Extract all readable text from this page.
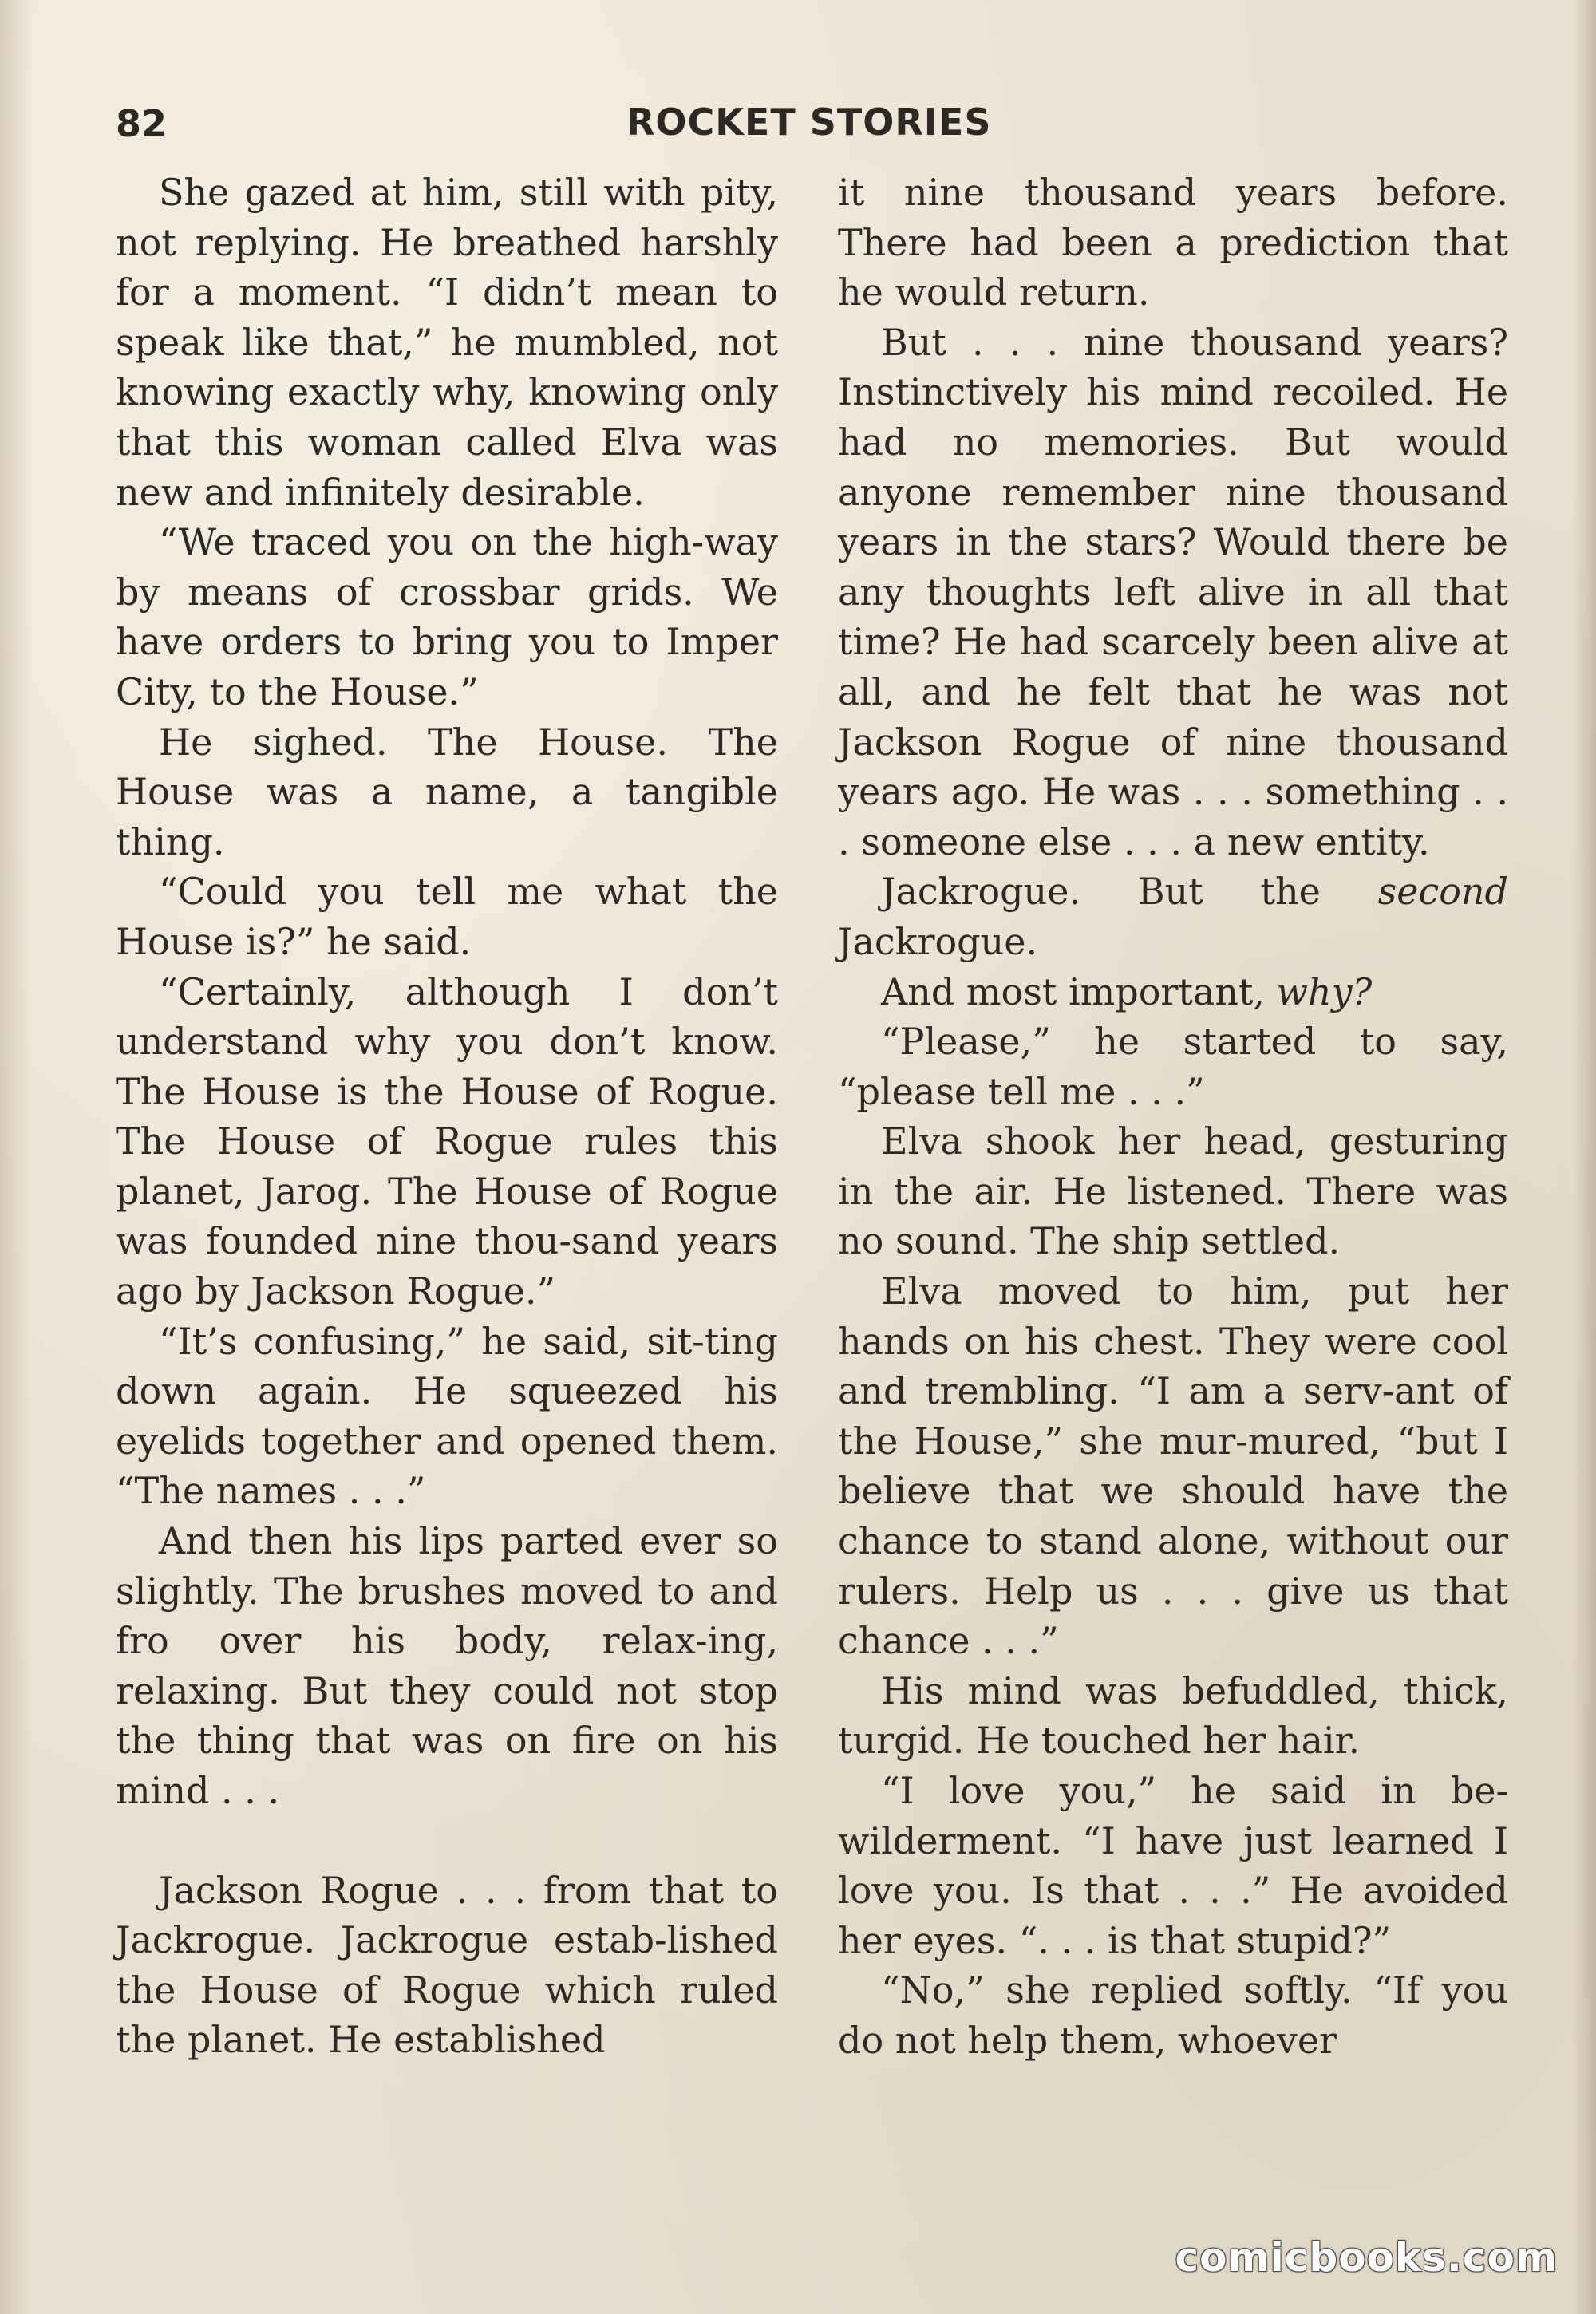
82	ROCKET STORIES

She gazed at him, still with pity, not replying. He breathed harshly for a moment. “I didn’t mean to speak like that,” he mumbled, not knowing exactly why, knowing only that this woman called Elva was new and infinitely desirable.

“We traced you on the high-way by means of crossbar grids. We have orders to bring you to Imper City, to the House.”

He sighed. The House. The House was a name, a tangible thing.

“Could you tell me what the House is?” he said.

“Certainly, although I don’t understand why you don’t know. The House is the House of Rogue. The House of Rogue rules this planet, Jarog. The House of Rogue was founded nine thou-sand years ago by Jackson Rogue.”

“It’s confusing,” he said, sit-ting down again. He squeezed his eyelids together and opened them. “The names . . .”

And then his lips parted ever so slightly. The brushes moved to and fro over his body, relax-ing, relaxing. But they could not stop the thing that was on fire on his mind . . .

Jackson Rogue . . . from that to Jackrogue. Jackrogue estab-lished the House of Rogue which ruled the planet. He established

it nine thousand years before. There had been a prediction that he would return.

But . . . nine thousand years? Instinctively his mind recoiled. He had no memories. But would anyone remember nine thousand years in the stars? Would there be any thoughts left alive in all that time? He had scarcely been alive at all, and he felt that he was not Jackson Rogue of nine thousand years ago. He was . . . something . . . someone else . . . a new entity.

Jackrogue. But the second Jackrogue.

And most important, why?

“Please,” he started to say, “please tell me . . .”

Elva shook her head, gesturing in the air. He listened. There was no sound. The ship settled.

Elva moved to him, put her hands on his chest. They were cool and trembling. “I am a serv-ant of the House,” she mur-mured, “but I believe that we should have the chance to stand alone, without our rulers. Help us . . . give us that chance . . .”

His mind was befuddled, thick, turgid. He touched her hair.

“I love you,” he said in be-wilderment. “I have just learned I love you. Is that . . .” He avoided her eyes. “. . . is that stupid?”

“No,” she replied softly. “If you do not help them, whoever

comicbooks.com
